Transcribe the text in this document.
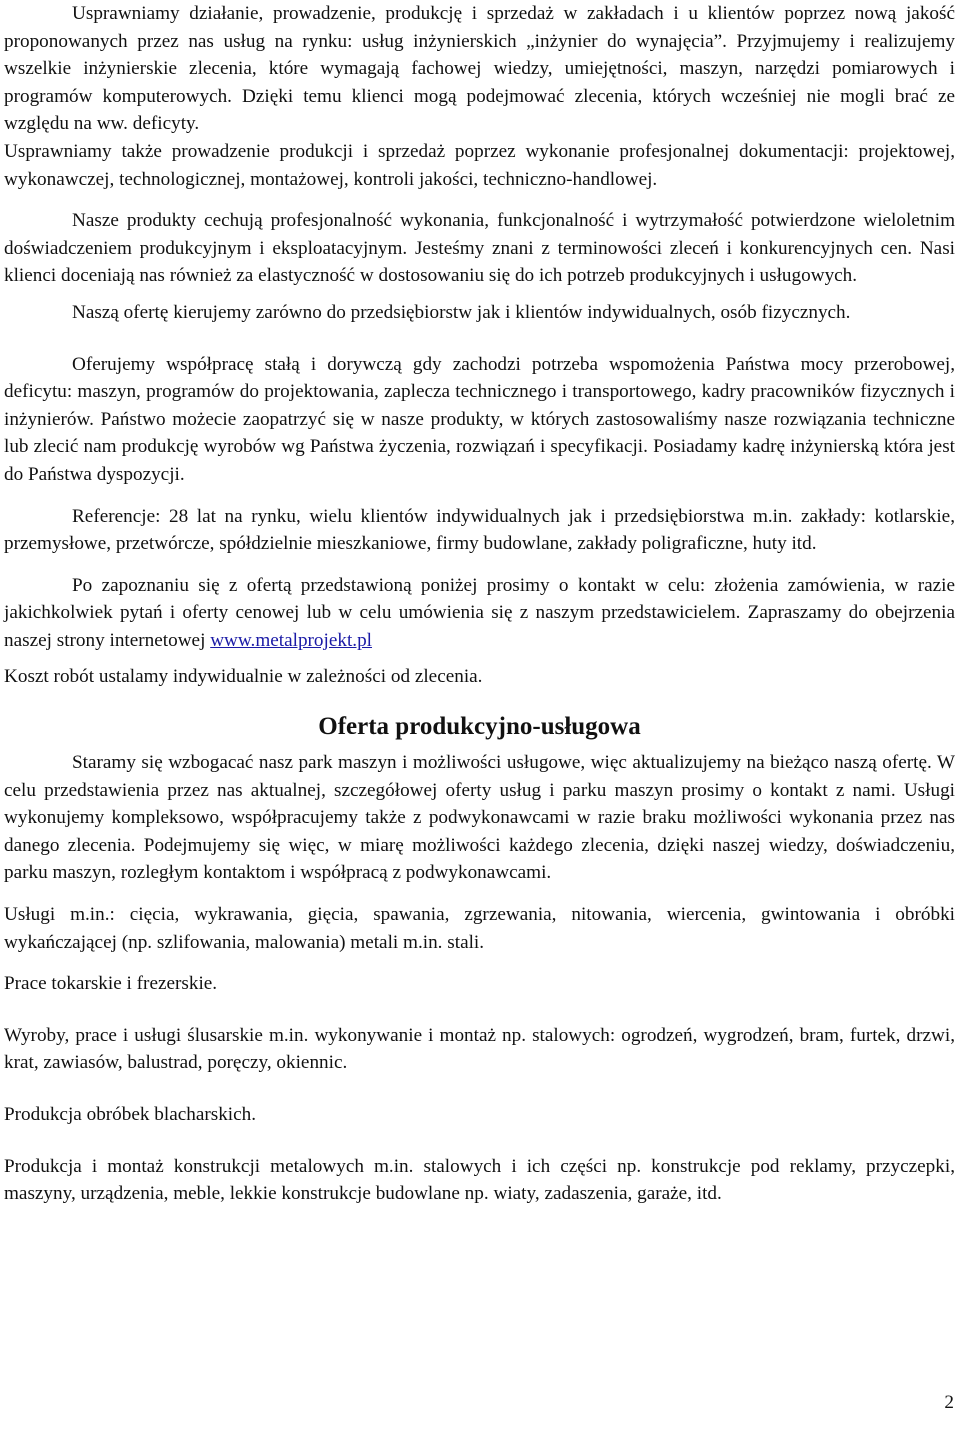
Usprawniamy działanie, prowadzenie, produkcję i sprzedaż w zakładach i u klientów poprzez nową jakość proponowanych przez nas usług na rynku: usług inżynierskich „inżynier do wynajęcia”. Przyjmujemy i realizujemy wszelkie inżynierskie zlecenia, które wymagają fachowej wiedzy, umiejętności, maszyn, narzędzi pomiarowych i programów komputerowych. Dzięki temu klienci mogą podejmować zlecenia, których wcześniej nie mogli brać ze względu na ww. deficyty.

Usprawniamy także prowadzenie produkcji i sprzedaż poprzez wykonanie profesjonalnej dokumentacji: projektowej, wykonawczej, technologicznej, montażowej, kontroli jakości, techniczno-handlowej.

Nasze produkty cechują profesjonalność wykonania, funkcjonalność i wytrzymałość potwierdzone wieloletnim doświadczeniem produkcyjnym i eksploatacyjnym. Jesteśmy znani z terminowości zleceń i konkurencyjnych cen. Nasi klienci doceniają nas również za elastyczność w dostosowaniu się do ich potrzeb produkcyjnych i usługowych.

Naszą ofertę kierujemy zarówno do przedsiębiorstw jak i klientów indywidualnych, osób fizycznych.

Oferujemy współpracę stałą i dorywczą gdy zachodzi potrzeba wspomożenia Państwa mocy przerobowej, deficytu: maszyn, programów do projektowania, zaplecza technicznego i transportowego, kadry pracowników fizycznych i inżynierów. Państwo możecie zaopatrzyć się w nasze produkty, w których zastosowaliśmy nasze rozwiązania techniczne lub zlecić nam produkcję wyrobów wg Państwa życzenia, rozwiązań i specyfikacji. Posiadamy kadrę inżynierską która jest do Państwa dyspozycji.

Referencje: 28 lat na rynku, wielu klientów indywidualnych jak i przedsiębiorstwa m.in. zakłady: kotlarskie, przemysłowe, przetwórcze, spółdzielnie mieszkaniowe, firmy budowlane, zakłady poligraficzne, huty itd.

Po zapoznaniu się z ofertą przedstawioną poniżej prosimy o kontakt w celu: złożenia zamówienia, w razie jakichkolwiek pytań i oferty cenowej lub w celu umówienia się z naszym przedstawicielem. Zapraszamy do obejrzenia naszej strony internetowej www.metalprojekt.pl

Koszt robót ustalamy indywidualnie w zależności od zlecenia.

Oferta produkcyjno-usługowa

Staramy się wzbogacać nasz park maszyn i możliwości usługowe, więc aktualizujemy na bieżąco naszą ofertę. W celu przedstawienia przez nas aktualnej, szczegółowej oferty usług i parku maszyn prosimy o kontakt z nami. Usługi wykonujemy kompleksowo, współpracujemy także z podwykonawcami w razie braku możliwości wykonania przez nas danego zlecenia. Podejmujemy się więc, w miarę możliwości każdego zlecenia, dzięki naszej wiedzy, doświadczeniu, parku maszyn, rozległym kontaktom i współpracą z podwykonawcami.

Usługi m.in.: cięcia, wykrawania, gięcia, spawania, zgrzewania, nitowania, wiercenia, gwintowania i obróbki wykańczającej (np. szlifowania, malowania) metali m.in. stali.

Prace tokarskie i frezerskie.

Wyroby, prace i usługi ślusarskie m.in. wykonywanie i montaż np. stalowych: ogrodzeń, wygrodzeń, bram, furtek, drzwi, krat, zawiasów, balustrad, poręczy, okiennic.

Produkcja obróbek blacharskich.

Produkcja i montaż konstrukcji metalowych m.in. stalowych i ich części np. konstrukcje pod reklamy, przyczepki, maszyny, urządzenia, meble, lekkie konstrukcje budowlane np. wiaty, zadaszenia, garaże, itd.

2
